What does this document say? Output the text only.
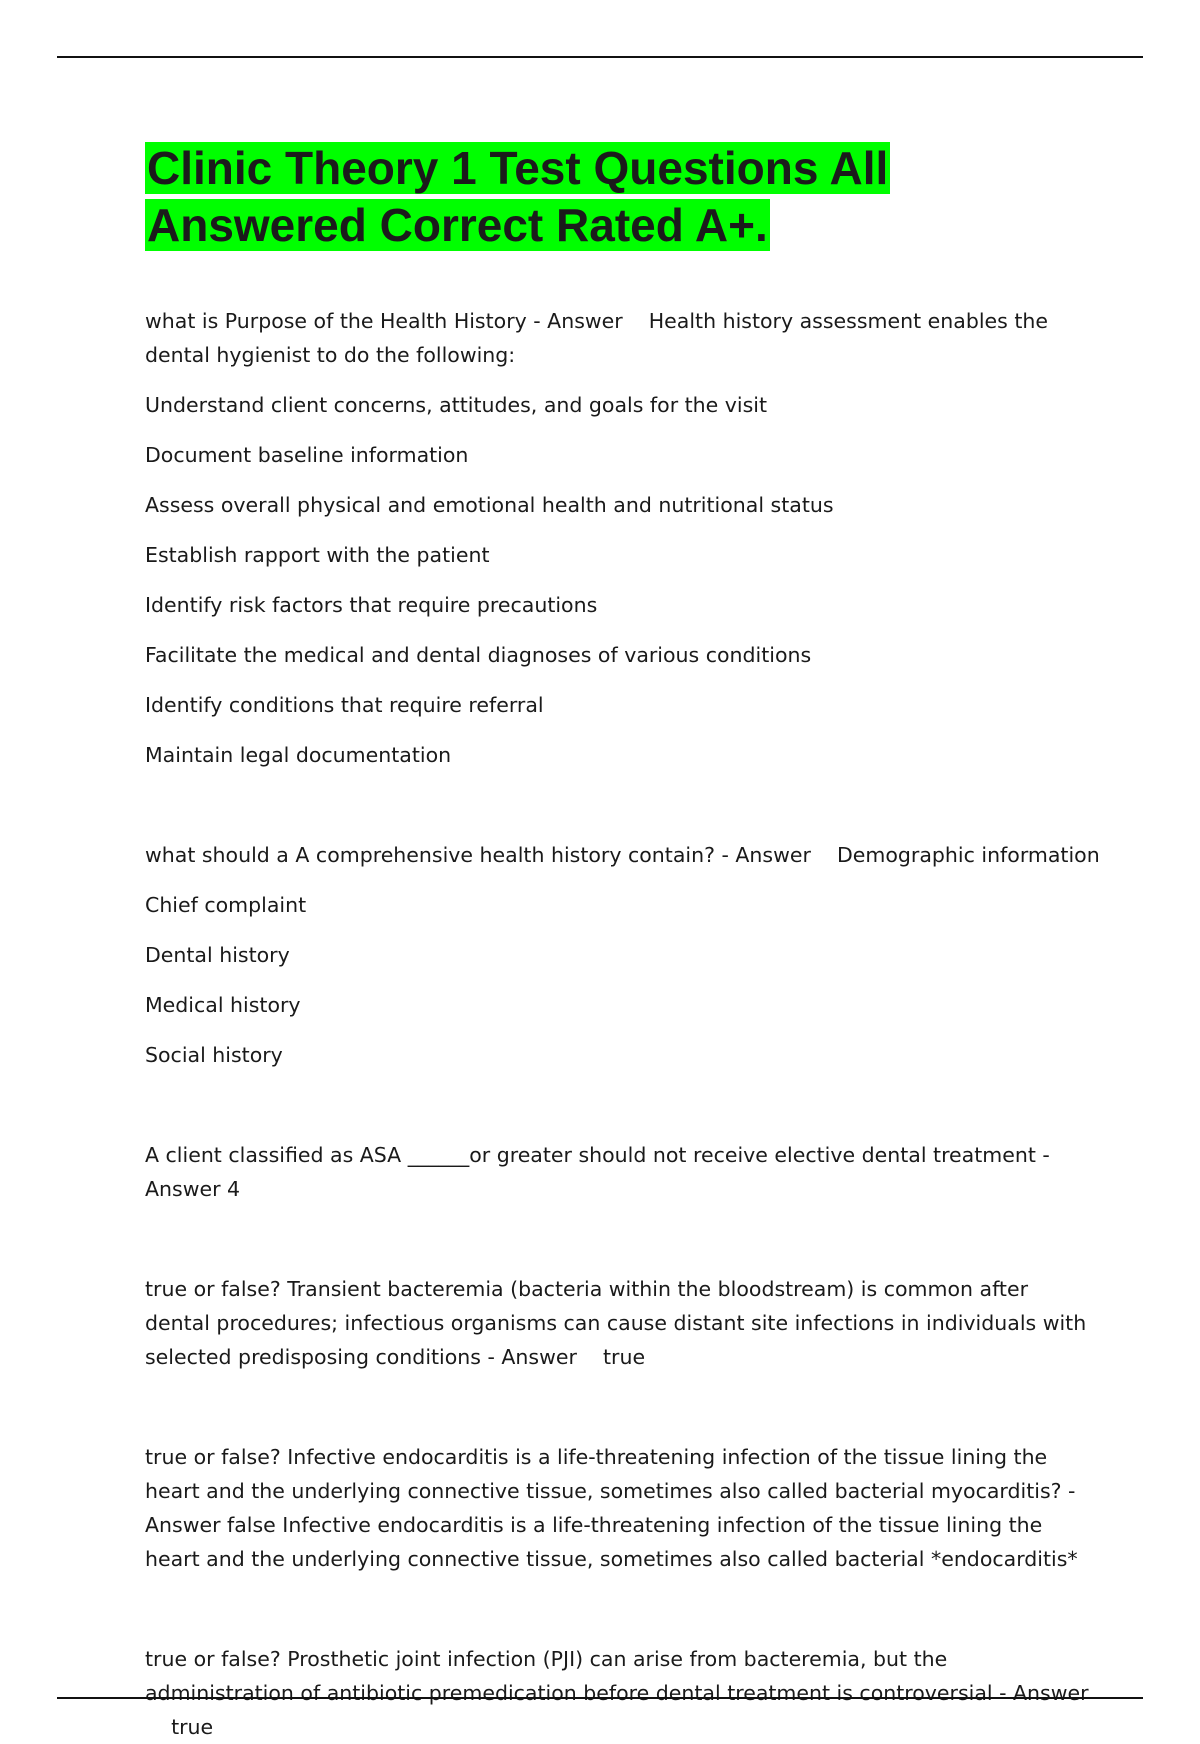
Clinic Theory 1 Test Questions All
Answered Correct Rated A+.

what is Purpose of the Health History - Answer Health history assessment enables the dental hygienist to do the following:

Understand client concerns, attitudes, and goals for the visit

Document baseline information

Assess overall physical and emotional health and nutritional status

Establish rapport with the patient

Identify risk factors that require precautions

Facilitate the medical and dental diagnoses of various conditions

Identify conditions that require referral

Maintain legal documentation

what should a A comprehensive health history contain? - Answer Demographic information

Chief complaint

Dental history

Medical history

Social history

A client classified as ASA ______or greater should not receive elective dental treatment - Answer 4

true or false? Transient bacteremia (bacteria within the bloodstream) is common after dental procedures; infectious organisms can cause distant site infections in individuals with selected predisposing conditions - Answer true

true or false? Infective endocarditis is a life-threatening infection of the tissue lining the heart and the underlying connective tissue, sometimes also called bacterial myocarditis? - Answer false Infective endocarditis is a life-threatening infection of the tissue lining the heart and the underlying connective tissue, sometimes also called bacterial *endocarditis*

true or false? Prosthetic joint infection (PJI) can arise from bacteremia, but the administration of antibiotic premedication before dental treatment is controversial - Answer    true
